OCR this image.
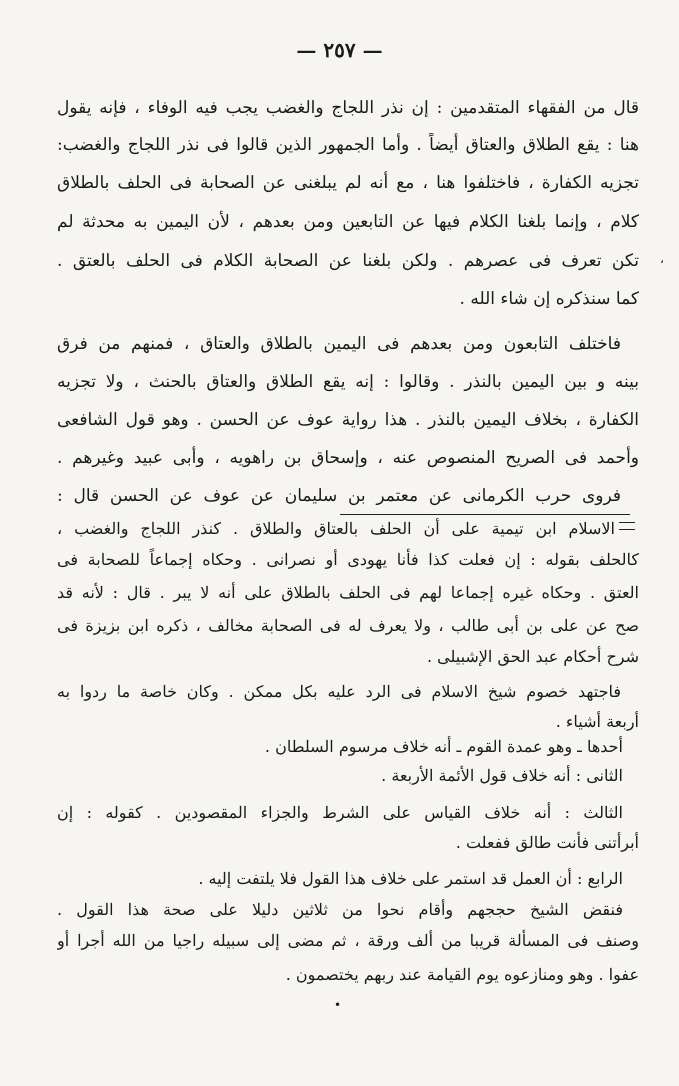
— ٢٥٧ —
قال من الفقهاء المتقدمين : إن نذر اللجاج والغضب يجب فيه الوفاء ، فإنه يقول
هنا : يقع الطلاق والعتاق أيضاً . وأما الجمهور الذين قالوا فى نذر اللجاج والغضب:
تجزيه الكفارة ، فاختلفوا هنا ، مع أنه لم يبلغنى عن الصحابة فى الحلف بالطلاق
كلام ، وإنما بلغنا الكلام فيها عن التابعين ومن بعدهم ، لأن اليمين به محدثة لم
تكن تعرف فى عصرهم . ولكن بلغنا عن الصحابة الكلام فى الحلف بالعتق .
كما سنذكره إن شاء الله .
فاختلف التابعون ومن بعدهم فى اليمين بالطلاق والعتاق ، فمنهم من فرق
بينه و بين اليمين بالنذر . وقالوا : إنه يقع الطلاق والعتاق بالحنث ، ولا تجزيه
الكفارة ، بخلاف اليمين بالنذر . هذا رواية عوف عن الحسن . وهو قول الشافعى
وأحمد فى الصريح المنصوص عنه ، وإسحاق بن راهويه ، وأبى عبيد وغيرهم .
فروى حرب الكرمانى عن معتمر بن سليمان عن عوف عن الحسن قال :
الاسلام ابن تيمية على أن الحلف بالعتاق والطلاق . كنذر اللجاج والغضب ،
كالحلف بقوله : إن فعلت كذا فأنا يهودى أو نصرانى . وحكاه إجماعاً للصحابة فى
العتق . وحكاه غيره إجماعا لهم فى الحلف بالطلاق على أنه لا يبر . قال : لأنه قد
صح عن على بن أبى طالب ، ولا يعرف له فى الصحابة مخالف ، ذكره ابن بزيزة فى
شرح أحكام عبد الحق الإشبيلى .
فاجتهد خصوم شيخ الاسلام فى الرد عليه بكل ممكن . وكان خاصة ما ردوا به
أربعة أشياء .
أحدها ـ وهو عمدة القوم ـ أنه خلاف مرسوم السلطان .
الثانى : أنه خلاف قول الأئمة الأربعة .
الثالث : أنه خلاف القياس على الشرط والجزاء المقصودين . كقوله : إن
أبرأتنى فأنت طالق ففعلت .
الرابع : أن العمل قد استمر على خلاف هذا القول فلا يلتفت إليه .
فنقض الشيخ حججهم وأقام نحوا من ثلاثين دليلا على صحة هذا القول .
وصنف فى المسألة قريبا من ألف ورقة ، ثم مضى إلى سبيله راجيا من الله أجرا أو
عفوا . وهو ومنازعوه يوم القيامة عند ربهم يختصمون .
،
•
